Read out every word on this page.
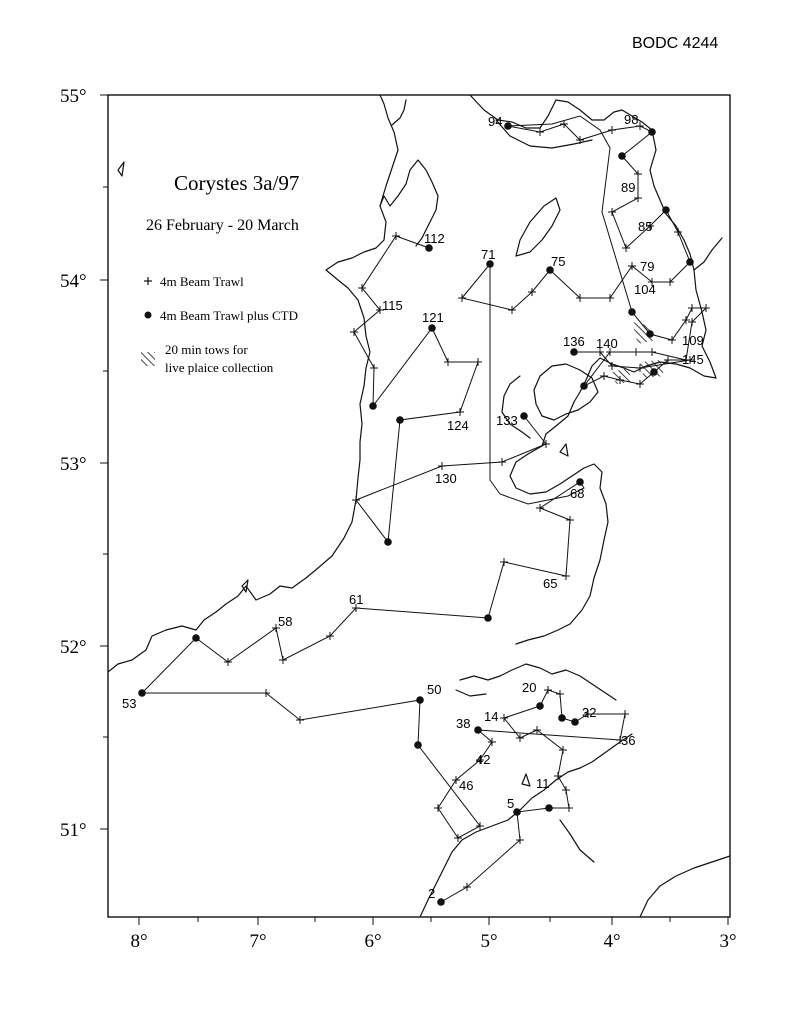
BODC 4244
55°
54°
53°
52°
51°
8°	7°	6°	5°	4°	3°
94	98
89
85
79
104
109
145
140
136
112
71	75
115
121
124 133
130
68
65
61
58
53
50	20
32
36
14
38
42
46	11
5
2
Corystes 3a/97
26 February - 20 March
4m Beam Trawl
4m Beam Trawl plus CTD
20 min tows for
live plaice collection
